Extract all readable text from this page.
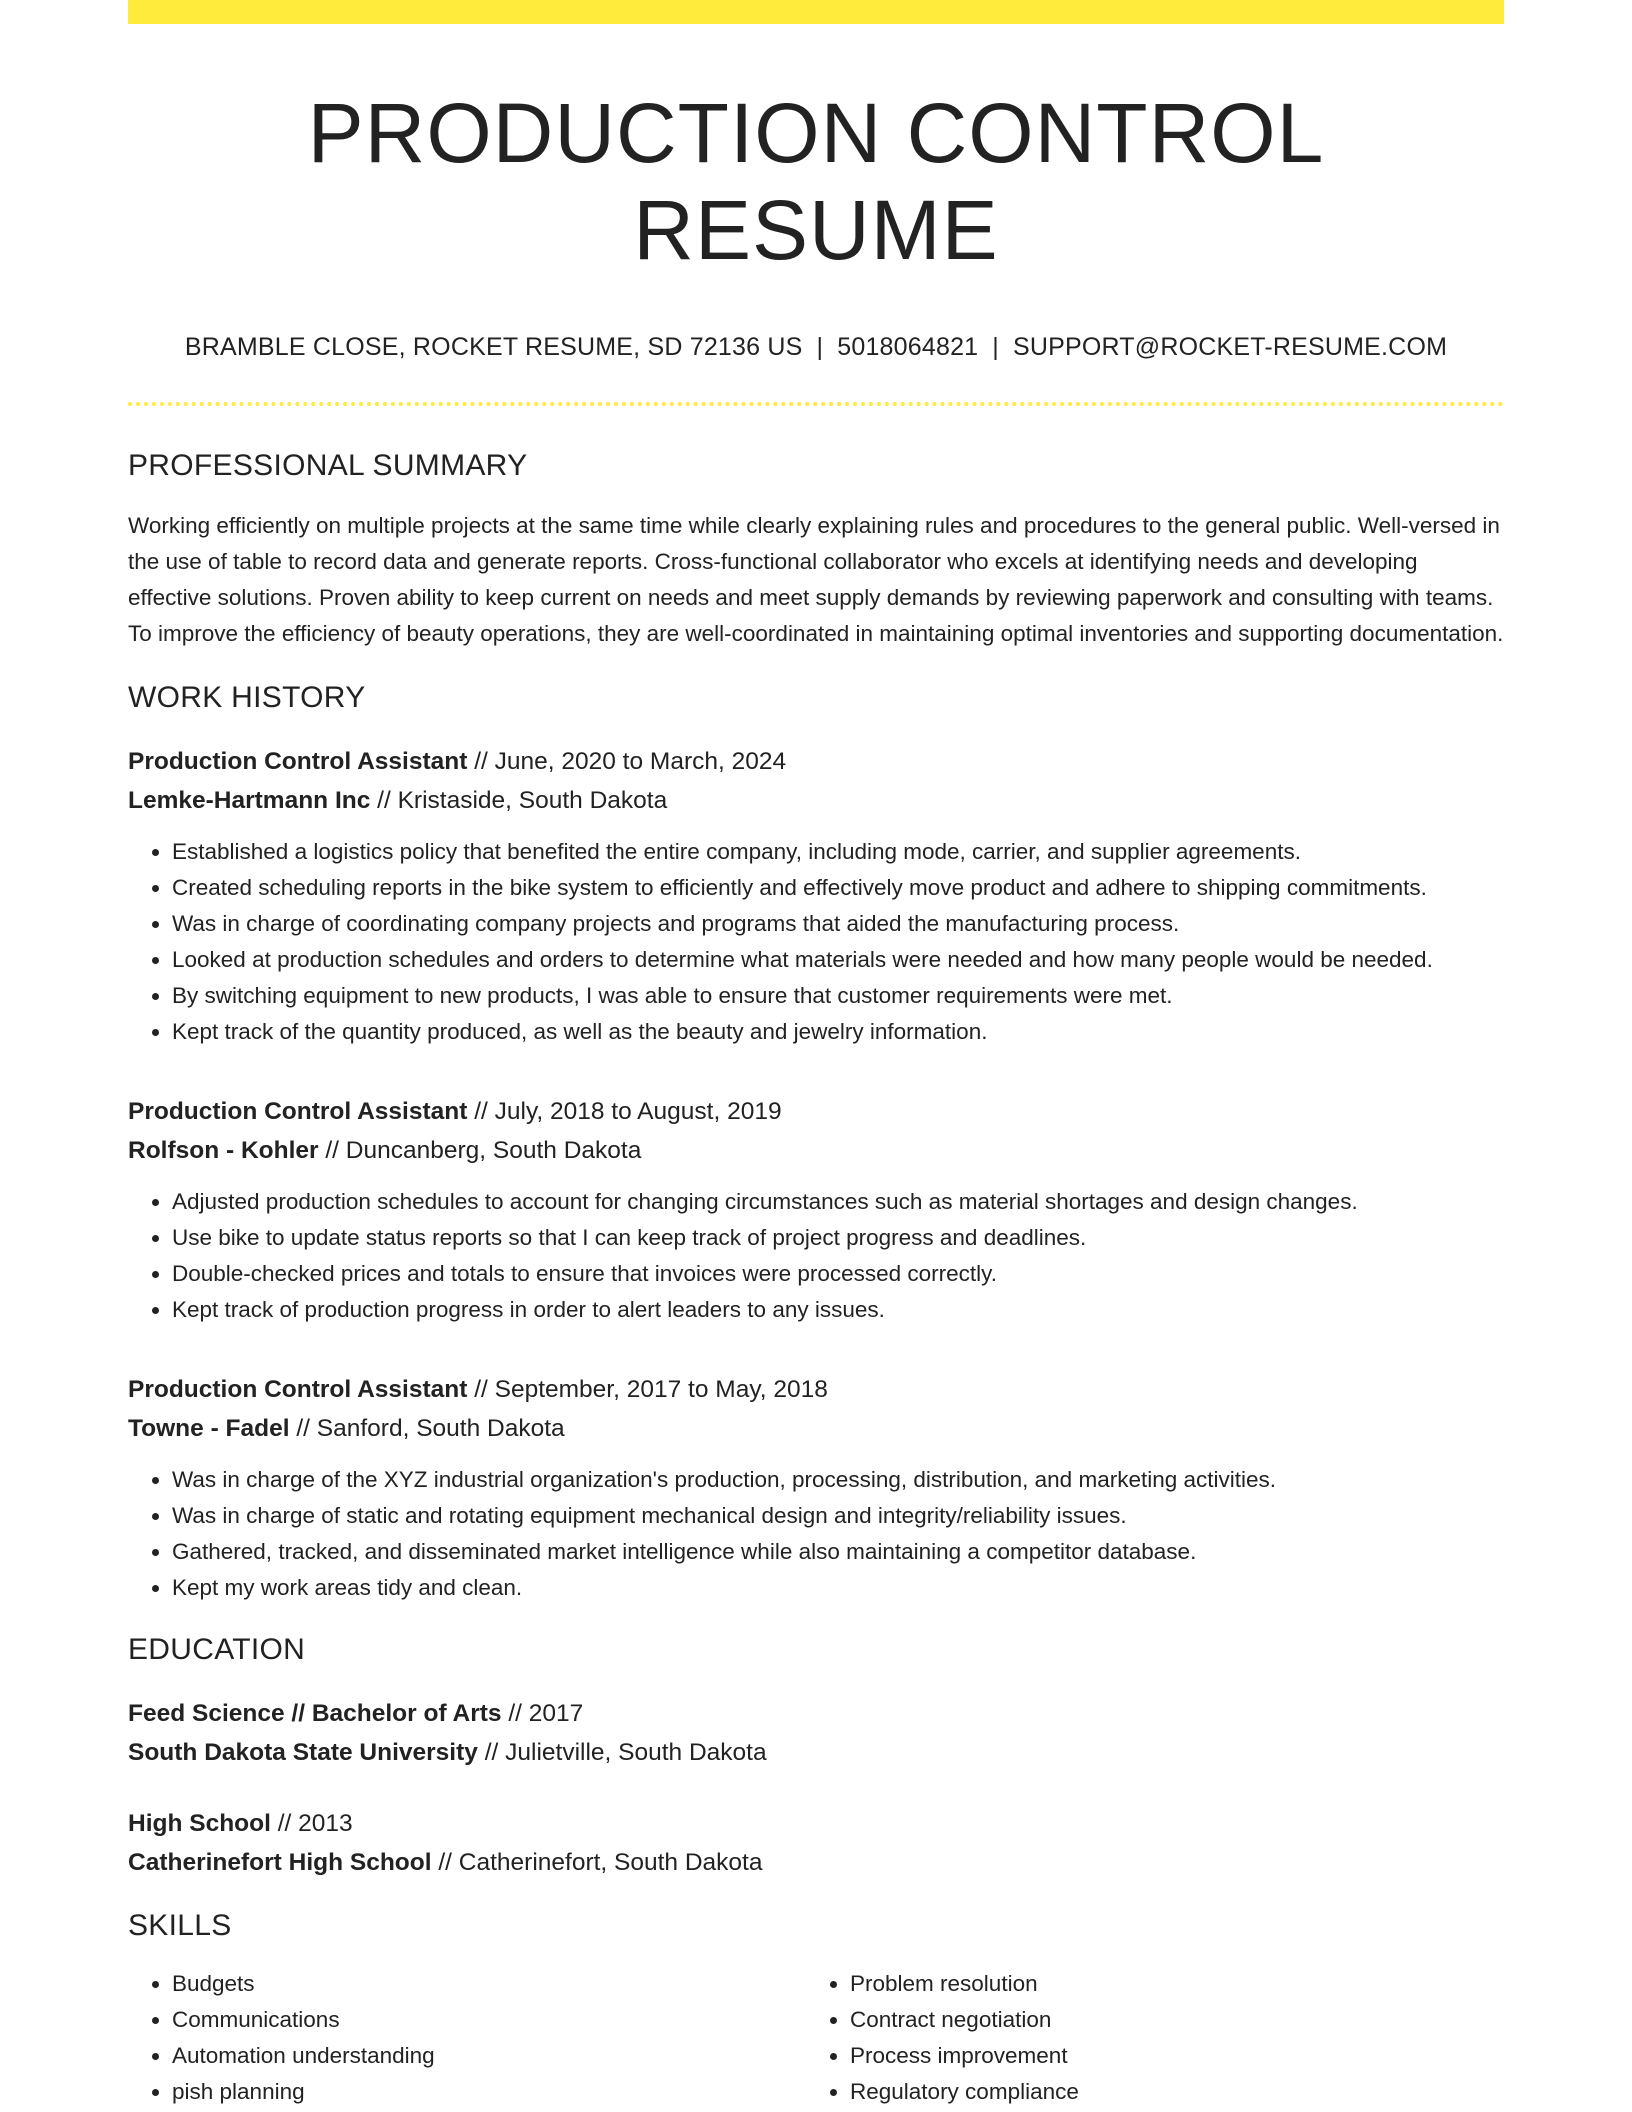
PRODUCTION CONTROL RESUME
BRAMBLE CLOSE, ROCKET RESUME, SD 72136 US | 5018064821 | SUPPORT@ROCKET-RESUME.COM
PROFESSIONAL SUMMARY

Working efficiently on multiple projects at the same time while clearly explaining rules and procedures to the general public. Well-versed in the use of table to record data and generate reports. Cross-functional collaborator who excels at identifying needs and developing effective solutions. Proven ability to keep current on needs and meet supply demands by reviewing paperwork and consulting with teams. To improve the efficiency of beauty operations, they are well-coordinated in maintaining optimal inventories and supporting documentation.

WORK HISTORY
Production Control Assistant // June, 2020 to March, 2024
Lemke-Hartmann Inc // Kristaside, South Dakota
• Established a logistics policy that benefited the entire company, including mode, carrier, and supplier agreements.
• Created scheduling reports in the bike system to efficiently and effectively move product and adhere to shipping commitments.
• Was in charge of coordinating company projects and programs that aided the manufacturing process.
• Looked at production schedules and orders to determine what materials were needed and how many people would be needed.
• By switching equipment to new products, I was able to ensure that customer requirements were met.
• Kept track of the quantity produced, as well as the beauty and jewelry information.
Production Control Assistant // July, 2018 to August, 2019
Rolfson - Kohler // Duncanberg, South Dakota
• Adjusted production schedules to account for changing circumstances such as material shortages and design changes.
• Use bike to update status reports so that I can keep track of project progress and deadlines.
• Double-checked prices and totals to ensure that invoices were processed correctly.
• Kept track of production progress in order to alert leaders to any issues.
Production Control Assistant // September, 2017 to May, 2018
Towne - Fadel // Sanford, South Dakota
• Was in charge of the XYZ industrial organization's production, processing, distribution, and marketing activities.
• Was in charge of static and rotating equipment mechanical design and integrity/reliability issues.
• Gathered, tracked, and disseminated market intelligence while also maintaining a competitor database.
• Kept my work areas tidy and clean.
EDUCATION
Feed Science // Bachelor of Arts // 2017
South Dakota State University // Julietville, South Dakota
High School // 2013
Catherinefort High School // Catherinefort, South Dakota
SKILLS
• Budgets
• Communications
• Automation understanding
• pish planning
• Problem resolution
• Contract negotiation
• Process improvement
• Regulatory compliance
